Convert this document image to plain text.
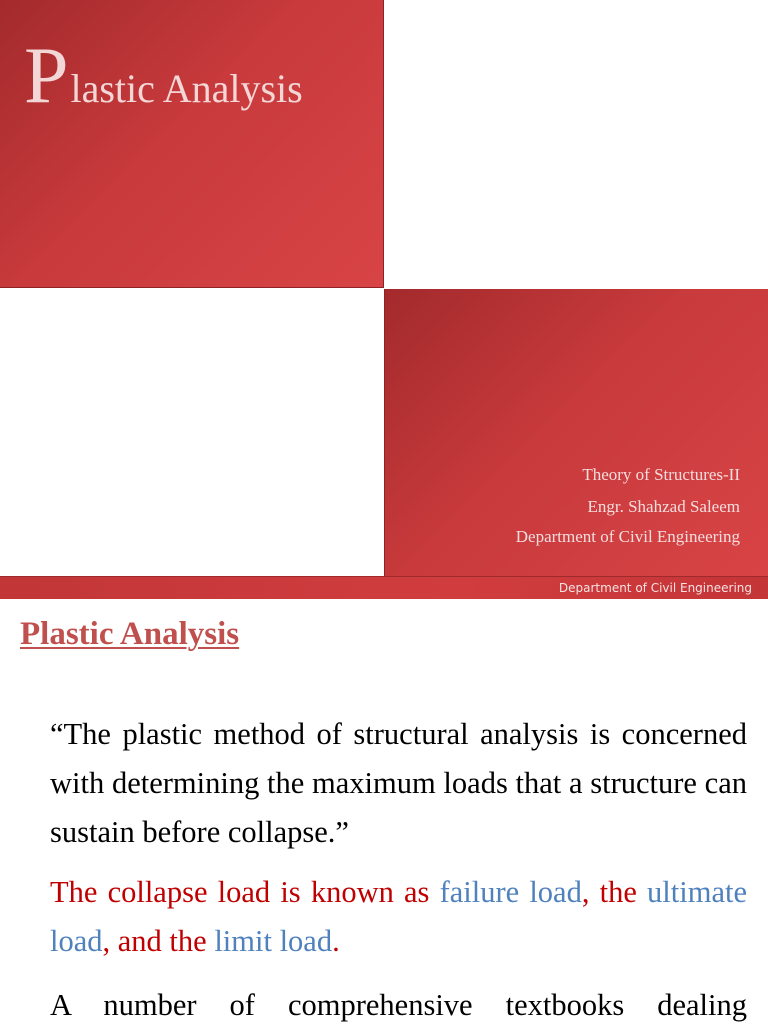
Plastic Analysis
Theory of Structures-II
Engr. Shahzad Saleem
Department of Civil Engineering
Department of Civil Engineering
Plastic Analysis
“The plastic method of structural analysis is concerned with determining the maximum loads that a structure can sustain before collapse.”
The collapse load is known as failure load, the ultimate load, and the limit load.
A number of comprehensive textbooks dealing
